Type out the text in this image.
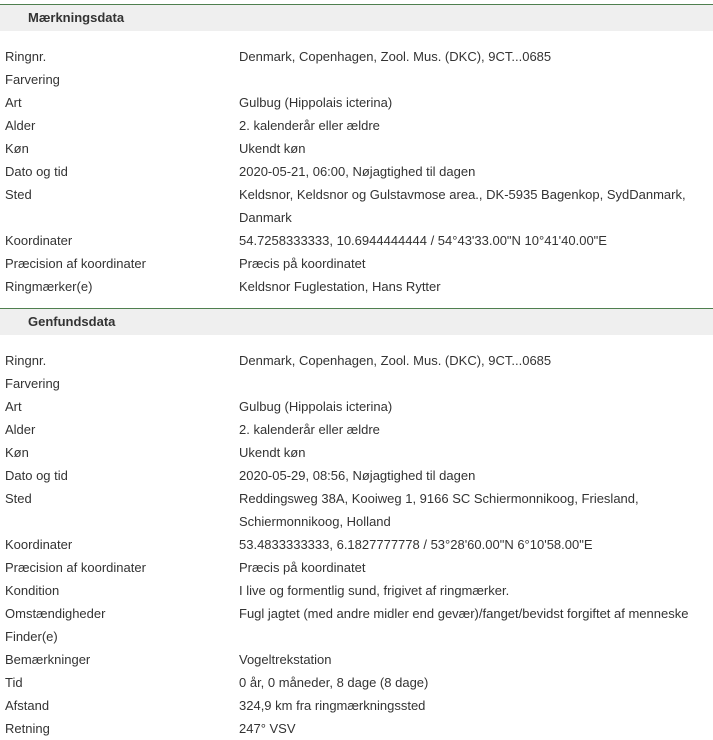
Mærkningsdata
Ringnr.	Denmark, Copenhagen, Zool. Mus. (DKC), 9CT...0685
Farvering
Art	Gulbug (Hippolais icterina)
Alder	2. kalenderår eller ældre
Køn	Ukendt køn
Dato og tid	2020-05-21, 06:00, Nøjagtighed til dagen
Sted	Keldsnor, Keldsnor og Gulstavmose area., DK-5935 Bagenkop, SydDanmark, Danmark
Koordinater	54.7258333333, 10.6944444444 / 54°43'33.00"N 10°41'40.00"E
Præcision af koordinater	Præcis på koordinatet
Ringmærker(e)	Keldsnor Fuglestation, Hans Rytter
Genfundsdata
Ringnr.	Denmark, Copenhagen, Zool. Mus. (DKC), 9CT...0685
Farvering
Art	Gulbug (Hippolais icterina)
Alder	2. kalenderår eller ældre
Køn	Ukendt køn
Dato og tid	2020-05-29, 08:56, Nøjagtighed til dagen
Sted	Reddingsweg 38A, Kooiweg 1, 9166 SC Schiermonnikoog, Friesland, Schiermonnikoog, Holland
Koordinater	53.4833333333, 6.1827777778 / 53°28'60.00"N 6°10'58.00"E
Præcision af koordinater	Præcis på koordinatet
Kondition	I live og formentlig sund, frigivet af ringmærker.
Omstændigheder	Fugl jagtet (med andre midler end gevær)/fanget/bevidst forgiftet af menneske
Finder(e)
Bemærkninger	Vogeltrekstation
Tid	0 år, 0 måneder, 8 dage (8 dage)
Afstand	324,9 km fra ringmærkningssted
Retning	247° VSV
